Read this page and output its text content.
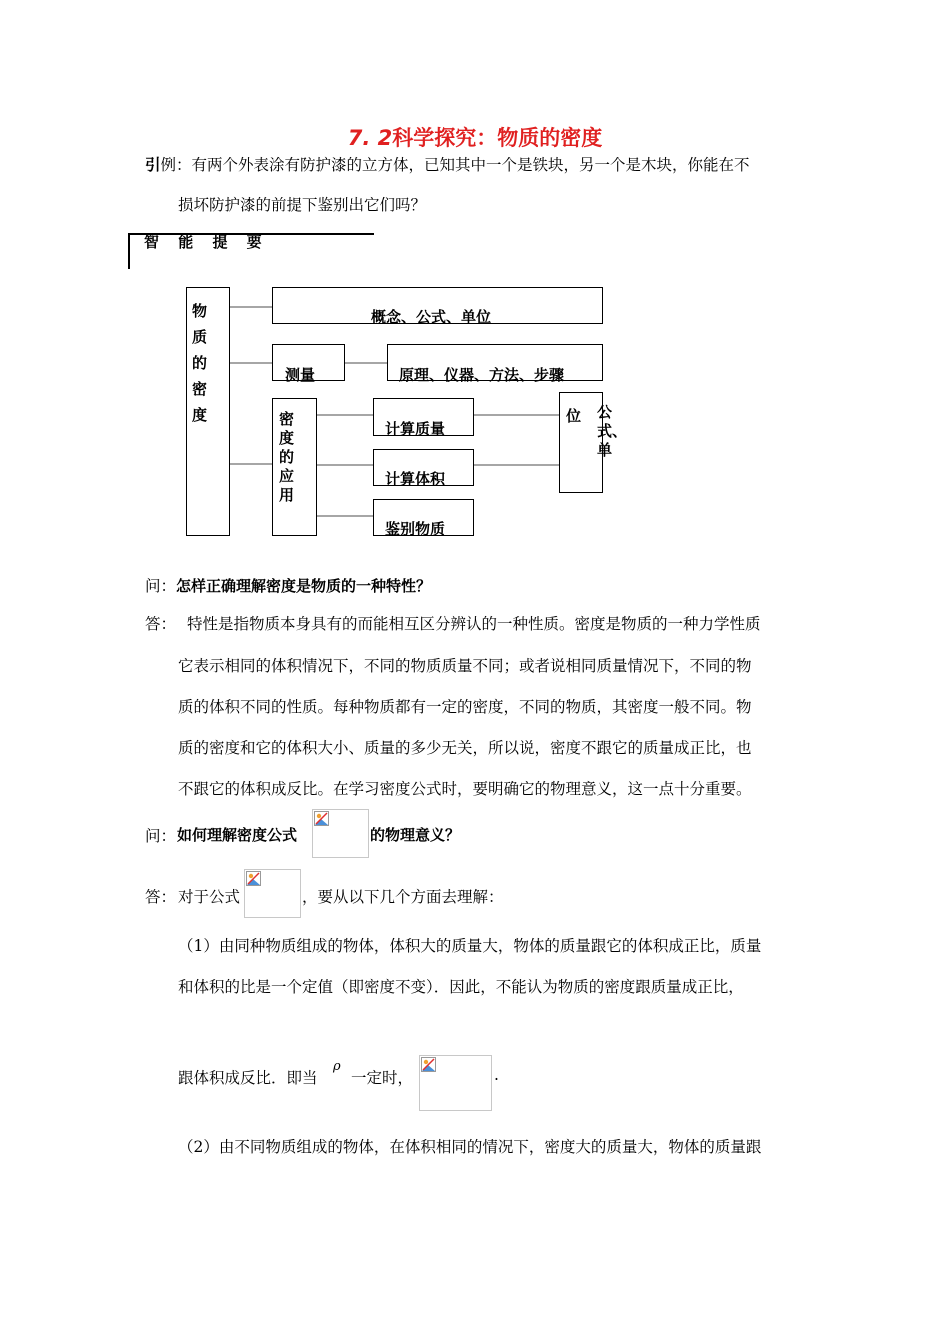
7. 2科学探究：物质的密度
引例：有两个外表涂有防护漆的立方体，已知其中一个是铁块，另一个是木块，你能在不
损坏防护漆的前提下鉴别出它们吗？
智 能 提 要
物质的密度
概念、公式、单位
测量	原理、仪器、方法、步骤
密度的应用
计算质量
计算体积
鉴别物质
位 公式、单
问：怎样正确理解密度是物质的一种特性？
答： 特性是指物质本身具有的而能相互区分辨认的一种性质。密度是物质的一种力学性质
它表示相同的体积情况下，不同的物质质量不同；或者说相同质量情况下，不同的物
质的体积不同的性质。每种物质都有一定的密度，不同的物质，其密度一般不同。物
质的密度和它的体积大小、质量的多少无关，所以说，密度不跟它的质量成正比，也
不跟它的体积成反比。在学习密度公式时，要明确它的物理意义，这一点十分重要。
问： 如何理解密度公式	的物理意义？
答： 对于公式	，要从以下几个方面去理解：
（1）由同种物质组成的物体，体积大的质量大，物体的质量跟它的体积成正比，质量
和体积的比是一个定值（即密度不变）．因此，不能认为物质的密度跟质量成正比，
跟体积成反比．即当
ρ
一定时，	.
（2）由不同物质组成的物体，在体积相同的情况下，密度大的质量大，物体的质量跟
